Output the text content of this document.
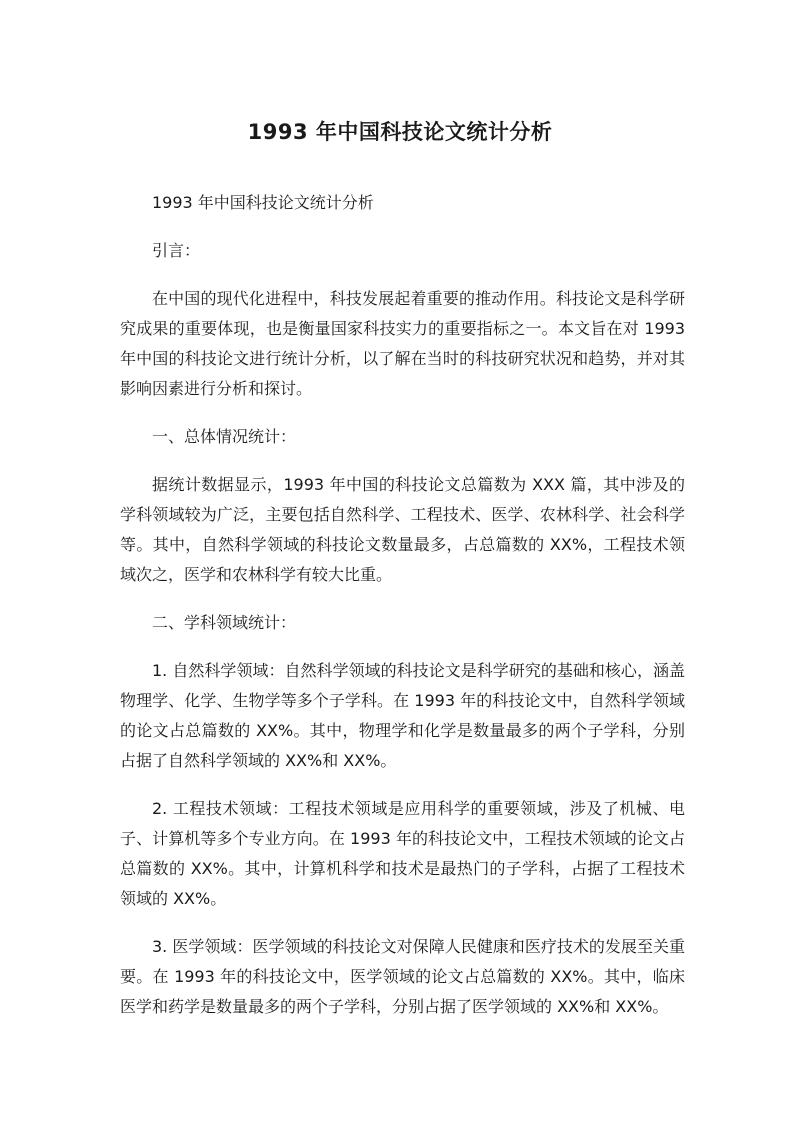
1993 年中国科技论文统计分析

1993 年中国科技论文统计分析

引言：

在中国的现代化进程中，科技发展起着重要的推动作用。科技论文是科学研究成果的重要体现，也是衡量国家科技实力的重要指标之一。本文旨在对 1993 年中国的科技论文进行统计分析，以了解在当时的科技研究状况和趋势，并对其影响因素进行分析和探讨。

一、总体情况统计：

据统计数据显示，1993 年中国的科技论文总篇数为 XXX 篇，其中涉及的学科领域较为广泛，主要包括自然科学、工程技术、医学、农林科学、社会科学等。其中，自然科学领域的科技论文数量最多，占总篇数的 XX%，工程技术领域次之，医学和农林科学有较大比重。

二、学科领域统计：

1. 自然科学领域：自然科学领域的科技论文是科学研究的基础和核心，涵盖物理学、化学、生物学等多个子学科。在 1993 年的科技论文中，自然科学领域的论文占总篇数的 XX%。其中，物理学和化学是数量最多的两个子学科，分别占据了自然科学领域的 XX%和 XX%。

2. 工程技术领域：工程技术领域是应用科学的重要领域，涉及了机械、电子、计算机等多个专业方向。在 1993 年的科技论文中，工程技术领域的论文占总篇数的 XX%。其中，计算机科学和技术是最热门的子学科，占据了工程技术领域的 XX%。

3. 医学领域：医学领域的科技论文对保障人民健康和医疗技术的发展至关重要。在 1993 年的科技论文中，医学领域的论文占总篇数的 XX%。其中，临床医学和药学是数量最多的两个子学科，分别占据了医学领域的 XX%和 XX%。
